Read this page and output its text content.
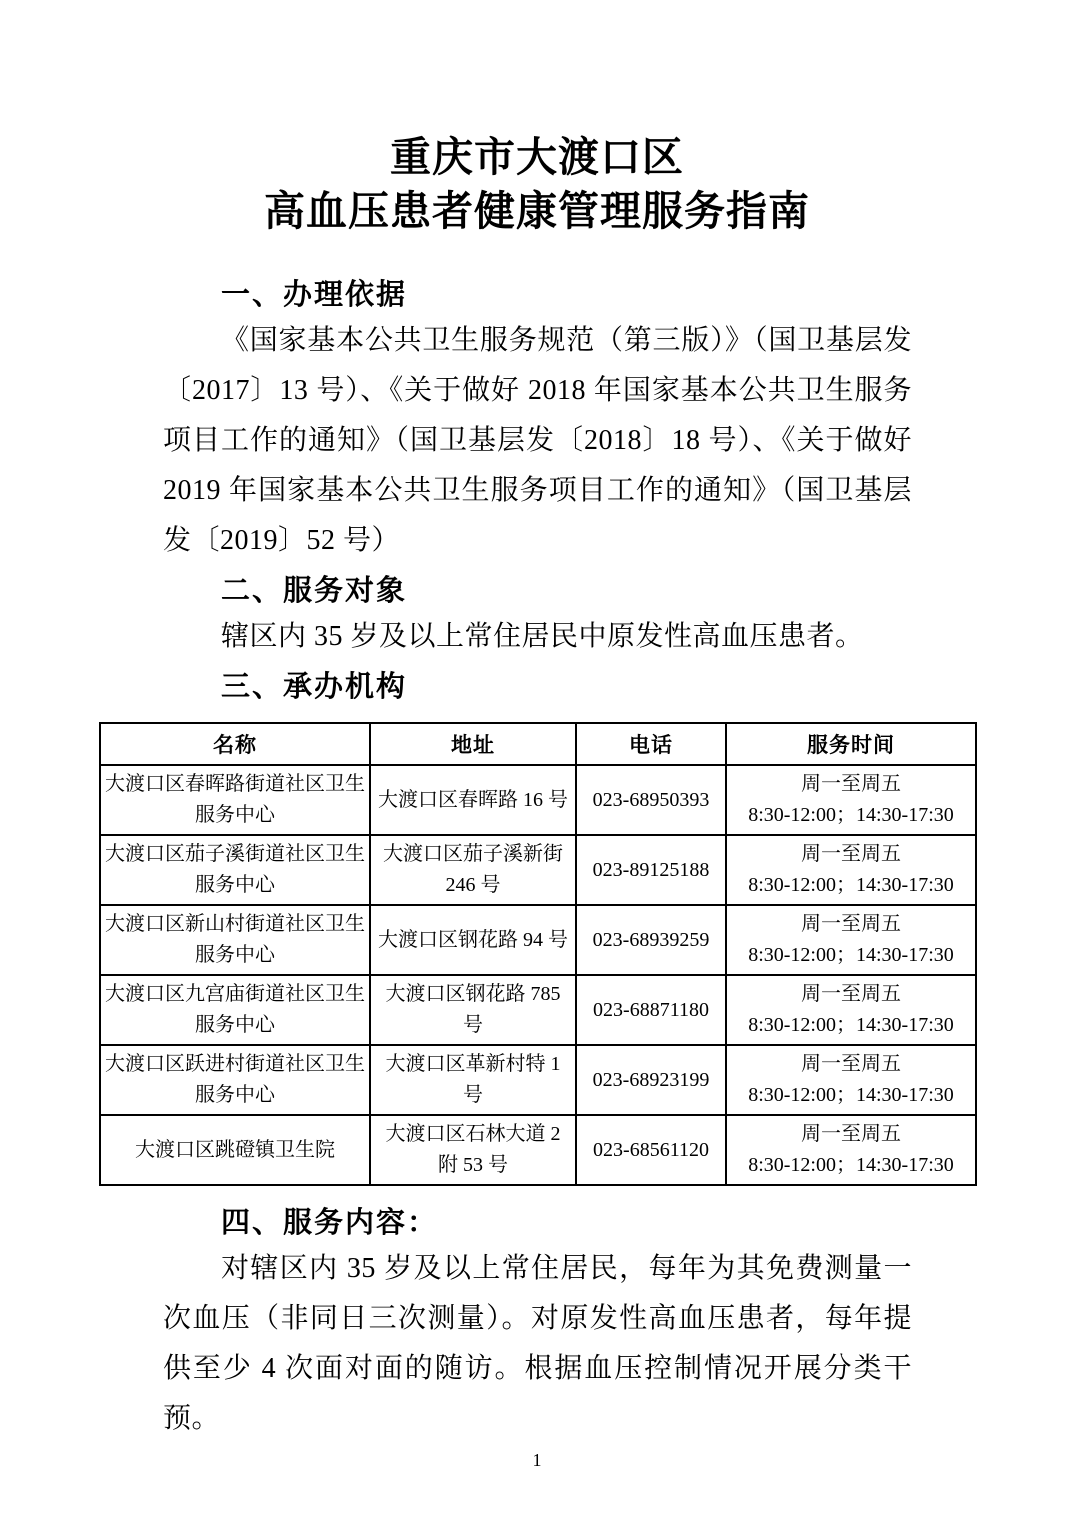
重庆市大渡口区
高血压患者健康管理服务指南
一、办理依据

《国家基本公共卫生服务规范（第三版）》（国卫基层发〔2017〕13 号）、《关于做好 2018 年国家基本公共卫生服务项目工作的通知》（国卫基层发〔2018〕18 号）、《关于做好 2019 年国家基本公共卫生服务项目工作的通知》（国卫基层发〔2019〕52 号）

二、服务对象

辖区内 35 岁及以上常住居民中原发性高血压患者。

三、承办机构
名称	地址	电话	服务时间
大渡口区春晖路街道社区卫生服务中心	大渡口区春晖路 16 号	023-68950393	周一至周五
8:30-12:00；14:30-17:30

大渡口区茄子溪街道社区卫生服务中心	大渡口区茄子溪新街 246 号	023-89125188	周一至周五
8:30-12:00；14:30-17:30

大渡口区新山村街道社区卫生服务中心	大渡口区钢花路 94 号	023-68939259	周一至周五
8:30-12:00；14:30-17:30

大渡口区九宫庙街道社区卫生服务中心	大渡口区钢花路 785 号	023-68871180	周一至周五
8:30-12:00；14:30-17:30

大渡口区跃进村街道社区卫生服务中心	大渡口区革新村特 1 号	023-68923199	周一至周五
8:30-12:00；14:30-17:30

大渡口区跳磴镇卫生院	大渡口区石林大道 2 附 53 号	023-68561120	周一至周五
8:30-12:00；14:30-17:30
四、服务内容：

对辖区内 35 岁及以上常住居民，每年为其免费测量一次血压（非同日三次测量）。对原发性高血压患者，每年提供至少 4 次面对面的随访。根据血压控制情况开展分类干预。

1
